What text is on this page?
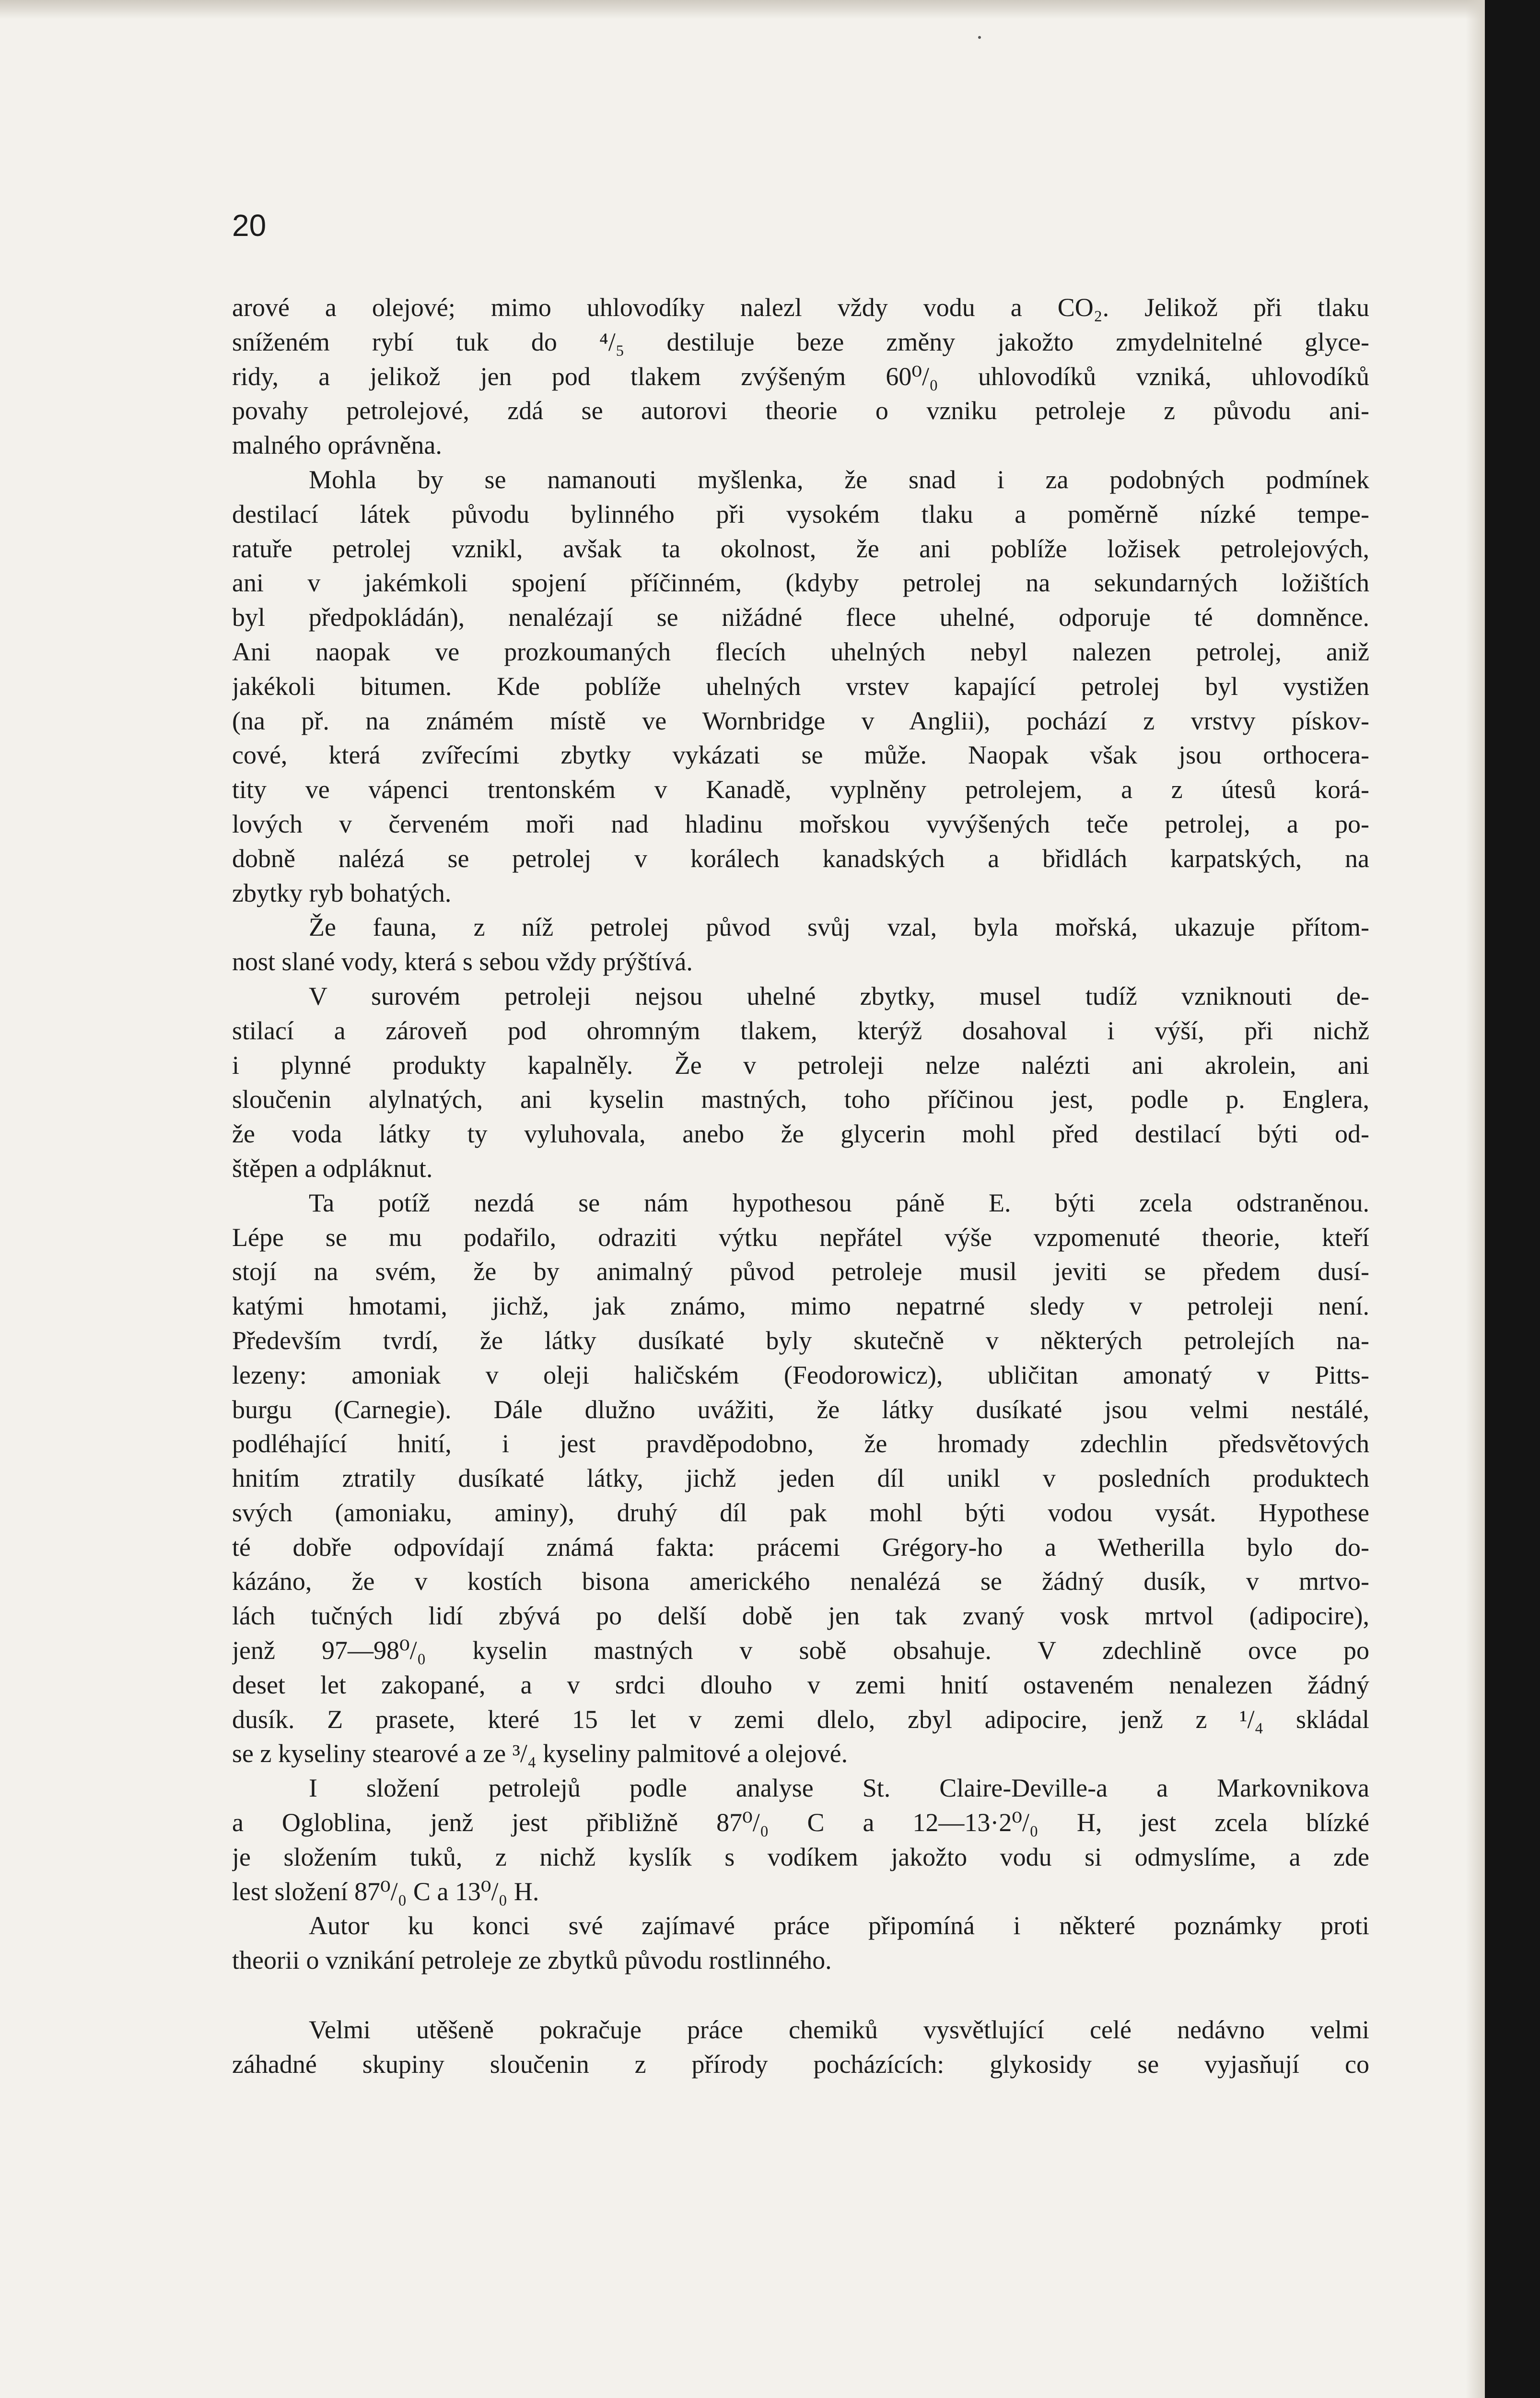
20
arové a olejové; mimo uhlovodíky nalezl vždy vodu a CO₂. Jelikož při tlaku
sníženém rybí tuk do ⁴/₅ destiluje beze změny jakožto zmydelnitelné glyce-
ridy, a jelikož jen pod tlakem zvýšeným 60⁰/₀ uhlovodíků vzniká, uhlovodíků
povahy petrolejové, zdá se autorovi theorie o vzniku petroleje z původu ani-
malného oprávněna.
Mohla by se namanouti myšlenka, že snad i za podobných podmínek
destilací látek původu bylinného při vysokém tlaku a poměrně nízké tempe-
ratuře petrolej vznikl, avšak ta okolnost, že ani poblíže ložisek petrolejových,
ani v jakémkoli spojení příčinném, (kdyby petrolej na sekundarných ložištích
byl předpokládán), nenalézají se nižádné flece uhelné, odporuje té domněnce.
Ani naopak ve prozkoumaných flecích uhelných nebyl nalezen petrolej, aniž
jakékoli bitumen. Kde poblíže uhelných vrstev kapající petrolej byl vystižen
(na př. na známém místě ve Wornbridge v Anglii), pochází z vrstvy pískov-
cové, která zvířecími zbytky vykázati se může. Naopak však jsou orthocera-
tity ve vápenci trentonském v Kanadě, vyplněny petrolejem, a z útesů korá-
lových v červeném moři nad hladinu mořskou vyvýšených teče petrolej, a po-
dobně nalézá se petrolej v korálech kanadských a břidlách karpatských, na
zbytky ryb bohatých.
Že fauna, z níž petrolej původ svůj vzal, byla mořská, ukazuje přítom-
nost slané vody, která s sebou vždy prýštívá.
V surovém petroleji nejsou uhelné zbytky, musel tudíž vzniknouti de-
stilací a zároveň pod ohromným tlakem, kterýž dosahoval i výší, při nichž
i plynné produkty kapalněly. Že v petroleji nelze nalézti ani akrolein, ani
sloučenin alylnatých, ani kyselin mastných, toho příčinou jest, podle p. Englera,
že voda látky ty vyluhovala, anebo že glycerin mohl před destilací býti od-
štěpen a odpláknut.
Ta potíž nezdá se nám hypothesou páně E. býti zcela odstraněnou.
Lépe se mu podařilo, odraziti výtku nepřátel výše vzpomenuté theorie, kteří
stojí na svém, že by animalný původ petroleje musil jeviti se předem dusí-
katými hmotami, jichž, jak známo, mimo nepatrné sledy v petroleji není.
Především tvrdí, že látky dusíkaté byly skutečně v některých petrolejích na-
lezeny: amoniak v oleji haličském (Feodorowicz), ubličitan amonatý v Pitts-
burgu (Carnegie). Dále dlužno uvážiti, že látky dusíkaté jsou velmi nestálé,
podléhající hnití, i jest pravděpodobno, že hromady zdechlin předsvětových
hnitím ztratily dusíkaté látky, jichž jeden díl unikl v posledních produktech
svých (amoniaku, aminy), druhý díl pak mohl býti vodou vysát. Hypothese
té dobře odpovídají známá fakta: prácemi Grégory-ho a Wetherilla bylo do-
kázáno, že v kostích bisona amerického nenalézá se žádný dusík, v mrtvo-
lách tučných lidí zbývá po delší době jen tak zvaný vosk mrtvol (adipocire),
jenž 97—98⁰/₀ kyselin mastných v sobě obsahuje. V zdechlině ovce po
deset let zakopané, a v srdci dlouho v zemi hnití ostaveném nenalezen žádný
dusík. Z prasete, které 15 let v zemi dlelo, zbyl adipocire, jenž z ¹/₄ skládal
se z kyseliny stearové a ze ³/₄ kyseliny palmitové a olejové.
I složení petrolejů podle analyse St. Claire-Deville-a a Markovnikova
a Ogloblina, jenž jest přibližně 87⁰/₀ C a 12—13·2⁰/₀ H, jest zcela blízké
je složením tuků, z nichž kyslík s vodíkem jakožto vodu si odmyslíme, a zde
lest složení 87⁰/₀ C a 13⁰/₀ H.
Autor ku konci své zajímavé práce připomíná i některé poznámky proti
theorii o vznikání petroleje ze zbytků původu rostlinného.
Velmi utěšeně pokračuje práce chemiků vysvětlující celé nedávno velmi
záhadné skupiny sloučenin z přírody pocházících: glykosidy se vyjasňují co
